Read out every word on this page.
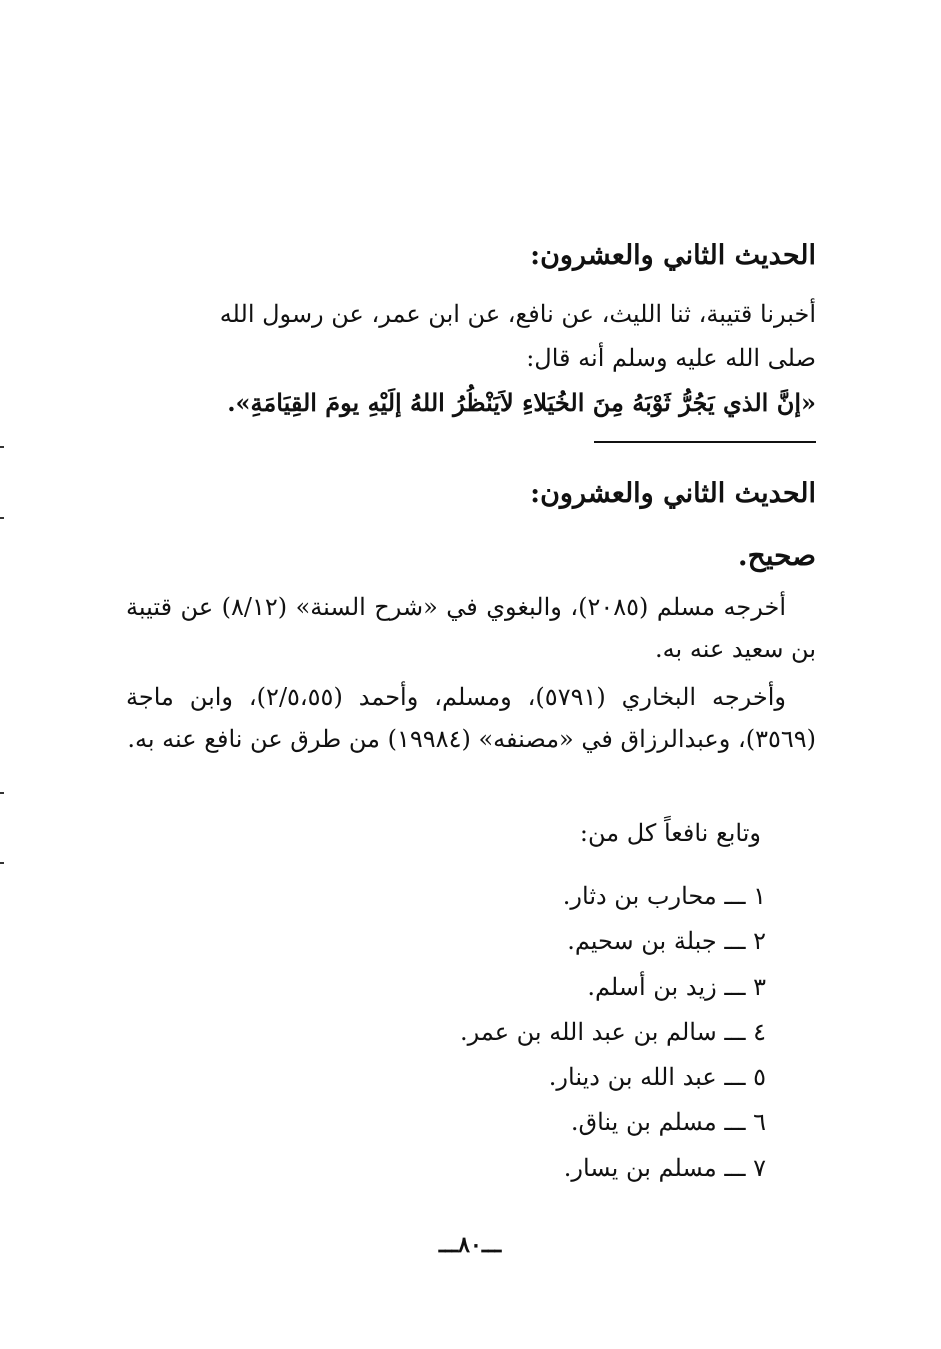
الحديث الثاني والعشرون:
أخبرنا قتيبة، ثنا الليث، عن نافع، عن ابن عمر، عن رسول الله
صلى الله عليه وسلم أنه قال:
«إنَّ الذي يَجُرُّ ثَوْبَهُ مِنَ الخُيَلاءِ لاَيَنْظُرُ اللهُ إلَيْهِ يومَ القِيَامَةِ».
الحديث الثاني والعشرون:
صحيح.
أخرجه مسلم (٢٠٨٥)، والبغوي في «شرح السنة» (٨/١٢) عن قتيبة بن سعيد عنه به.
وأخرجه البخاري (٥٧٩١)، ومسلم، وأحمد (٢/٥،٥٥)، وابن ماجة (٣٥٦٩)، وعبدالرزاق في «مصنفه» (١٩٩٨٤) من طرق عن نافع عنه به.
وتابع نافعاً كل من:
١ ـــ محارب بن دثار.
٢ ـــ جبلة بن سحيم.
٣ ـــ زيد بن أسلم.
٤ ـــ سالم بن عبد الله بن عمر.
٥ ـــ عبد الله بن دينار.
٦ ـــ مسلم بن يناق.
٧ ـــ مسلم بن يسار.
ـــ٨٠ـــ
